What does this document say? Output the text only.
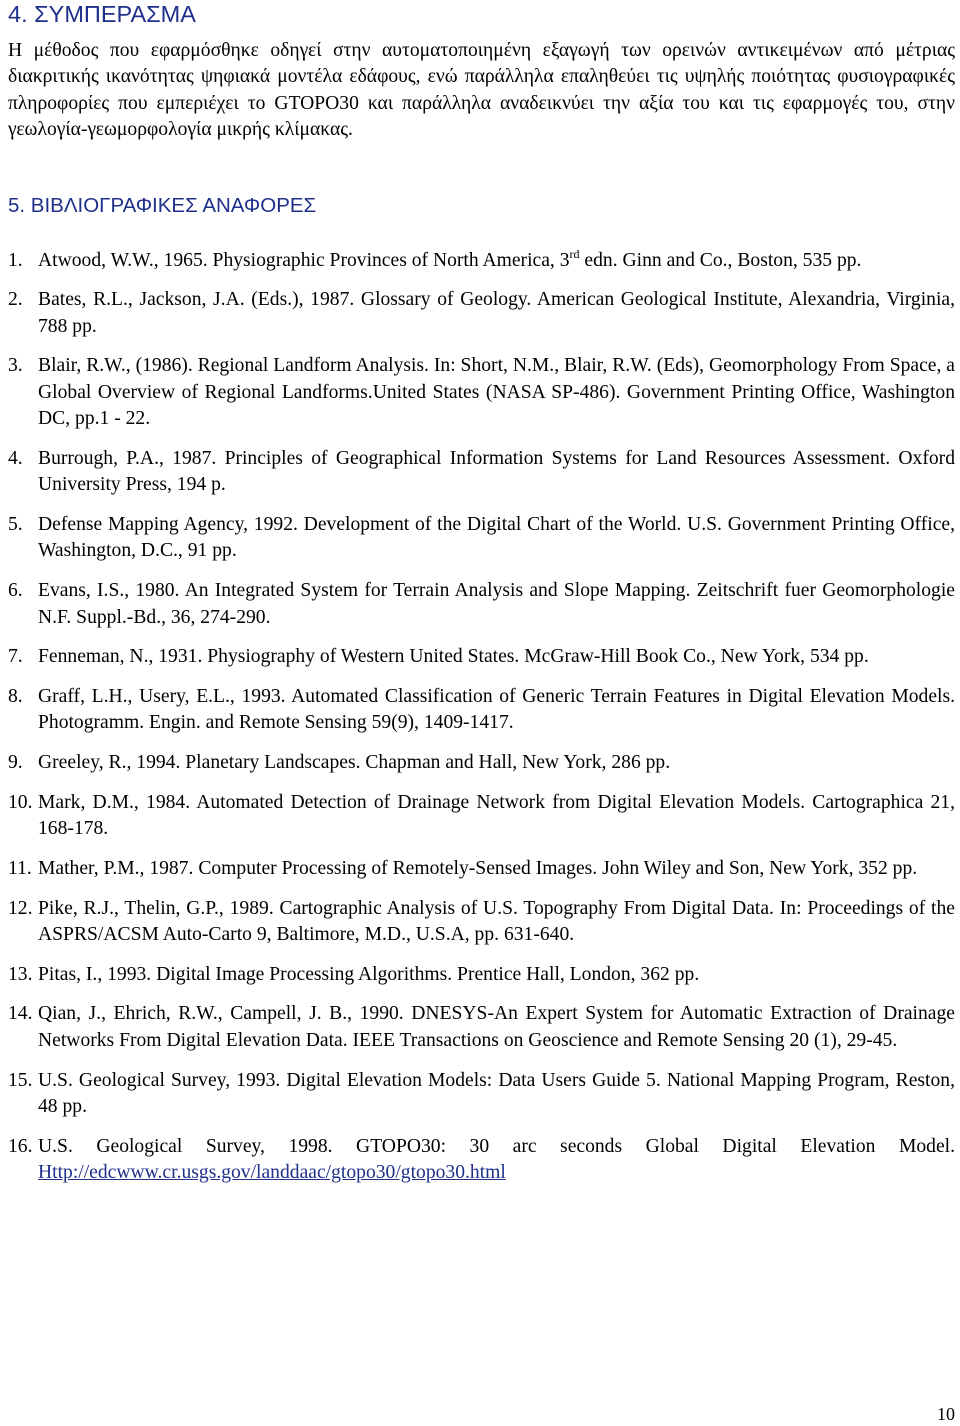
4. ΣΥΜΠΕΡΑΣΜΑ

Η μέθοδος που εφαρμόσθηκε οδηγεί στην αυτοματοποιημένη εξαγωγή των ορεινών αντικειμένων από μέτριας διακριτικής ικανότητας ψηφιακά μοντέλα εδάφους, ενώ παράλληλα επαληθεύει τις υψηλής ποιότητας φυσιογραφικές πληροφορίες που εμπεριέχει το GTOPO30 και παράλληλα αναδεικνύει την αξία του και τις εφαρμογές του, στην γεωλογία-γεωμορφολογία μικρής κλίμακας.

5. ΒΙΒΛΙΟΓΡΑΦΙΚΕΣ ΑΝΑΦΟΡΕΣ
1. Atwood, W.W., 1965. Physiographic Provinces of North America, 3rd edn. Ginn and Co., Boston, 535 pp.
2. Bates, R.L., Jackson, J.A. (Eds.), 1987. Glossary of Geology. American Geological Institute, Alexandria, Virginia, 788 pp.
3. Blair, R.W., (1986). Regional Landform Analysis. In: Short, N.M., Blair, R.W. (Eds), Geomorphology From Space, a Global Overview of Regional Landforms.United States (NASA SP-486). Government Printing Office, Washington DC, pp.1 - 22.
4. Burrough, P.A., 1987. Principles of Geographical Information Systems for Land Resources Assessment. Oxford University Press, 194 p.
5. Defense Mapping Agency, 1992. Development of the Digital Chart of the World. U.S. Government Printing Office, Washington, D.C., 91 pp.
6. Evans, I.S., 1980. An Integrated System for Terrain Analysis and Slope Mapping. Zeitschrift fuer Geomorphologie N.F. Suppl.-Bd., 36, 274-290.
7. Fenneman, N., 1931. Physiography of Western United States. McGraw-Hill Book Co., New York, 534 pp.
8. Graff, L.H., Usery, E.L., 1993. Automated Classification of Generic Terrain Features in Digital Elevation Models. Photogramm. Engin. and Remote Sensing 59(9), 1409-1417.
9. Greeley, R., 1994. Planetary Landscapes. Chapman and Hall, New York, 286 pp.
10. Mark, D.M., 1984. Automated Detection of Drainage Network from Digital Elevation Models. Cartographica 21, 168-178.
11. Mather, P.M., 1987. Computer Processing of Remotely-Sensed Images. John Wiley and Son, New York, 352 pp.
12. Pike, R.J., Thelin, G.P., 1989. Cartographic Analysis of U.S. Topography From Digital Data. In: Proceedings of the ASPRS/ACSM Auto-Carto 9, Baltimore, M.D., U.S.A, pp. 631-640.
13. Pitas, I., 1993. Digital Image Processing Algorithms. Prentice Hall, London, 362 pp.
14. Qian, J., Ehrich, R.W., Campell, J. B., 1990. DNESYS-An Expert System for Automatic Extraction of Drainage Networks From Digital Elevation Data. IEEE Transactions on Geoscience and Remote Sensing 20 (1), 29-45.
15. U.S. Geological Survey, 1993. Digital Elevation Models: Data Users Guide 5. National Mapping Program, Reston, 48 pp.
16. U.S. Geological Survey, 1998. GTOPO30: 30 arc seconds Global Digital Elevation Model. Http://edcwww.cr.usgs.gov/landdaac/gtopo30/gtopo30.html
10
